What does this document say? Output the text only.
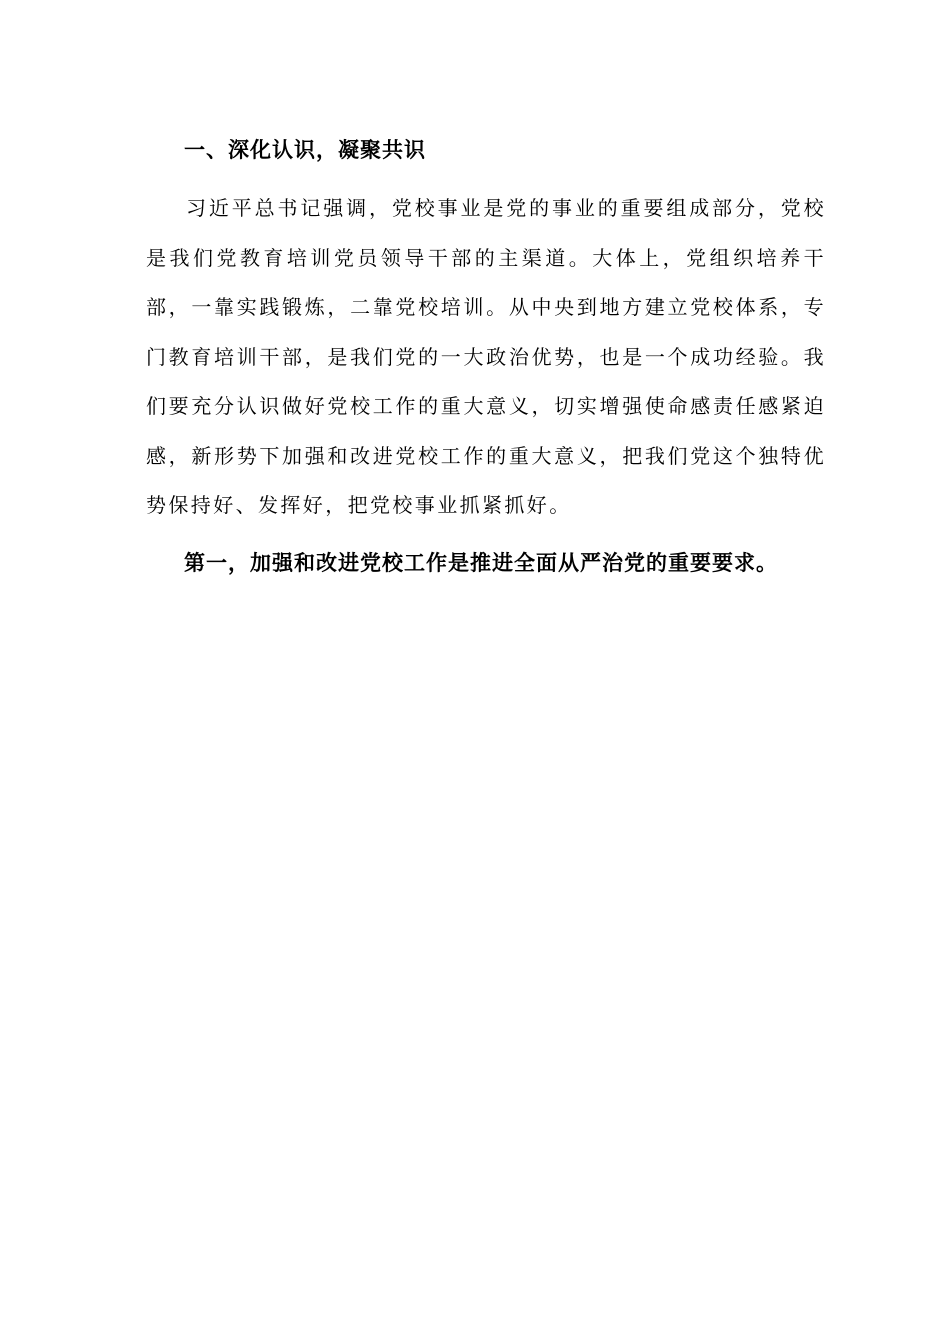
一、深化认识，凝聚共识

习近平总书记强调，党校事业是党的事业的重要组成部分，党校是我们党教育培训党员领导干部的主渠道。大体上，党组织培养干部，一靠实践锻炼，二靠党校培训。从中央到地方建立党校体系，专门教育培训干部，是我们党的一大政治优势，也是一个成功经验。我们要充分认识做好党校工作的重大意义，切实增强使命感责任感紧迫感，新形势下加强和改进党校工作的重大意义，把我们党这个独特优势保持好、发挥好，把党校事业抓紧抓好。

第一，加强和改进党校工作是推进全面从严治党的重要要求。
